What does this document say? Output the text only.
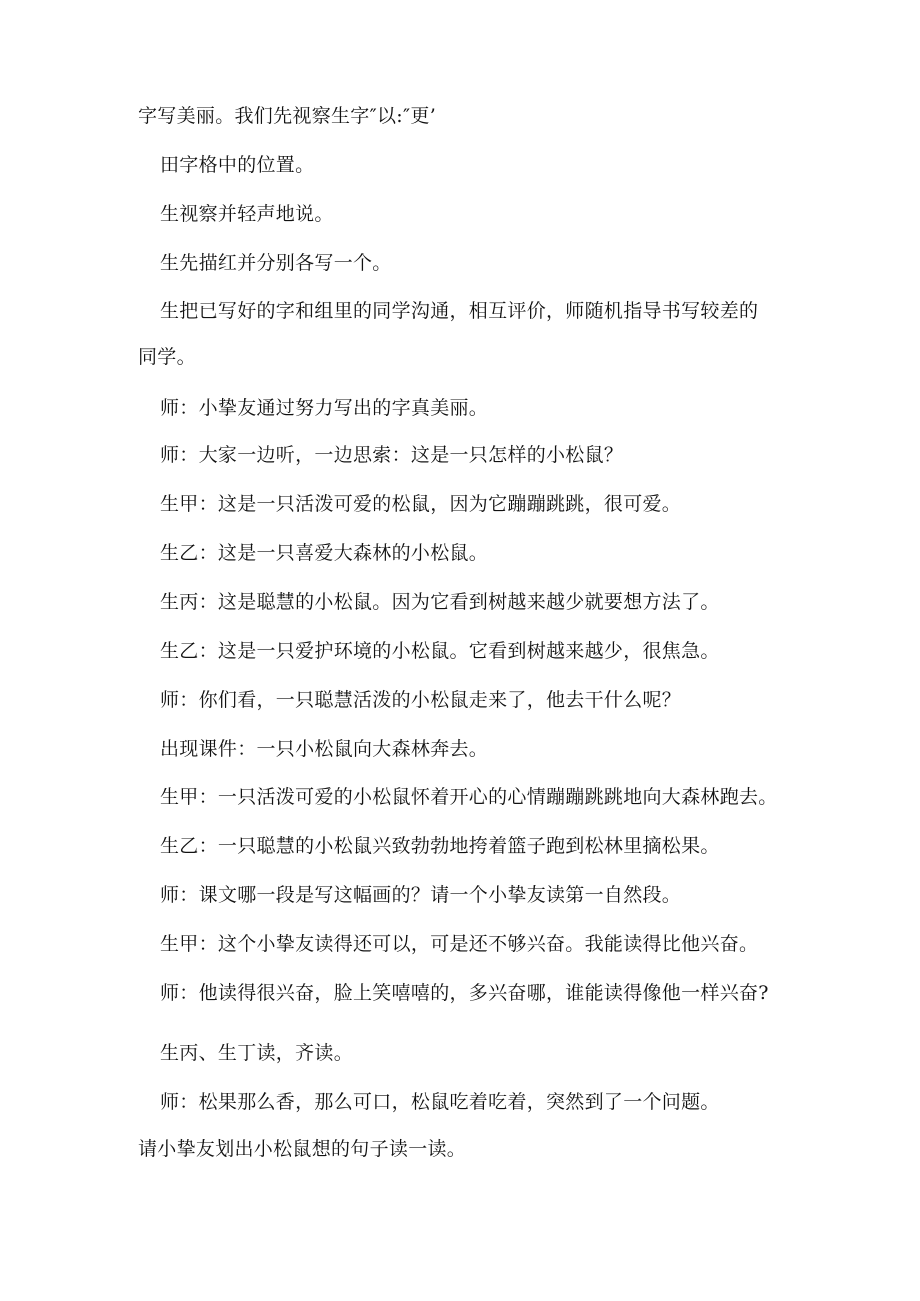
字写美丽。我们先视察生字″以:″更’
田字格中的位置。
生视察并轻声地说。
生先描红并分别各写一个。
生把已写好的字和组里的同学沟通，相互评价，师随机指导书写较差的
同学。
师：小挚友通过努力写出的字真美丽。
师：大家一边听，一边思索：这是一只怎样的小松鼠？
生甲：这是一只活泼可爱的松鼠，因为它蹦蹦跳跳，很可爱。
生乙：这是一只喜爱大森林的小松鼠。
生丙：这是聪慧的小松鼠。因为它看到树越来越少就要想方法了。
生乙：这是一只爱护环境的小松鼠。它看到树越来越少，很焦急。
师：你们看，一只聪慧活泼的小松鼠走来了，他去干什么呢？
出现课件：一只小松鼠向大森林奔去。
生甲：一只活泼可爱的小松鼠怀着开心的心情蹦蹦跳跳地向大森林跑去。
生乙：一只聪慧的小松鼠兴致勃勃地挎着篮子跑到松林里摘松果。
师：课文哪一段是写这幅画的？请一个小挚友读第一自然段。
生甲：这个小挚友读得还可以，可是还不够兴奋。我能读得比他兴奋。
师：他读得很兴奋，脸上笑嘻嘻的，多兴奋哪，谁能读得像他一样兴奋?
生丙、生丁读，齐读。
师：松果那么香，那么可口，松鼠吃着吃着，突然到了一个问题。
请小挚友划出小松鼠想的句子读一读。
